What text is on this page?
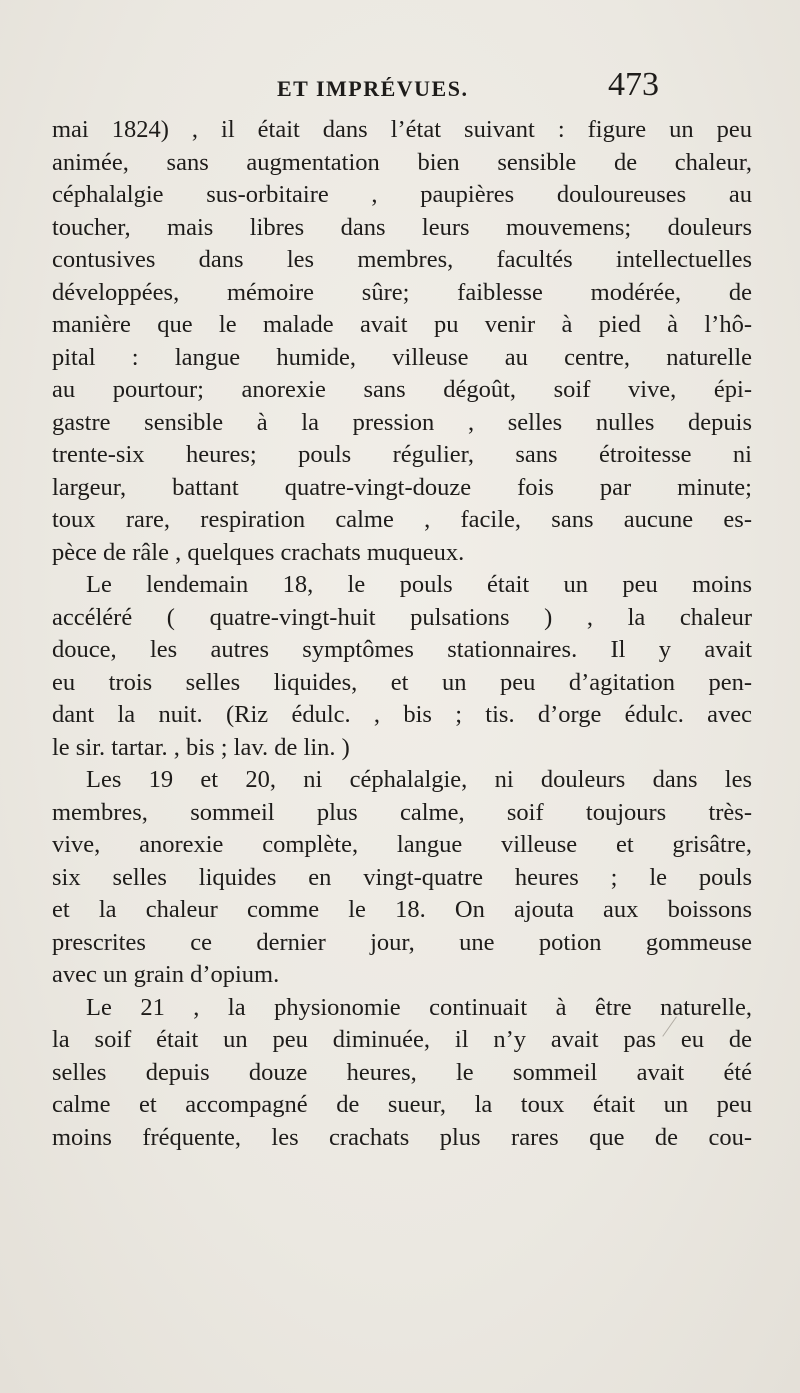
ET IMPRÉVUES.	473
mai 1824) , il était dans l’état suivant : figure un peu
animée, sans augmentation bien sensible de chaleur,
céphalalgie sus-orbitaire , paupières douloureuses au
toucher, mais libres dans leurs mouvemens; douleurs
contusives dans les membres, facultés intellectuelles
développées, mémoire sûre; faiblesse modérée, de
manière que le malade avait pu venir à pied à l’hô-
pital : langue humide, villeuse au centre, naturelle
au pourtour; anorexie sans dégoût, soif vive, épi-
gastre sensible à la pression , selles nulles depuis
trente-six heures; pouls régulier, sans étroitesse ni
largeur, battant quatre-vingt-douze fois par minute;
toux rare, respiration calme , facile, sans aucune es-
pèce de râle , quelques crachats muqueux.
Le lendemain 18, le pouls était un peu moins
accéléré ( quatre-vingt-huit pulsations ) , la chaleur
douce, les autres symptômes stationnaires. Il y avait
eu trois selles liquides, et un peu d’agitation pen-
dant la nuit. (Riz édulc. , bis ; tis. d’orge édulc. avec
le sir. tartar. , bis ; lav. de lin. )
Les 19 et 20, ni céphalalgie, ni douleurs dans les
membres, sommeil plus calme, soif toujours très-
vive, anorexie complète, langue villeuse et grisâtre,
six selles liquides en vingt-quatre heures ; le pouls
et la chaleur comme le 18. On ajouta aux boissons
prescrites ce dernier jour, une potion gommeuse
avec un grain d’opium.
Le 21 , la physionomie continuait à être naturelle,
la soif était un peu diminuée, il n’y avait pas eu de
selles depuis douze heures, le sommeil avait été
calme et accompagné de sueur, la toux était un peu
moins fréquente, les crachats plus rares que de cou-
